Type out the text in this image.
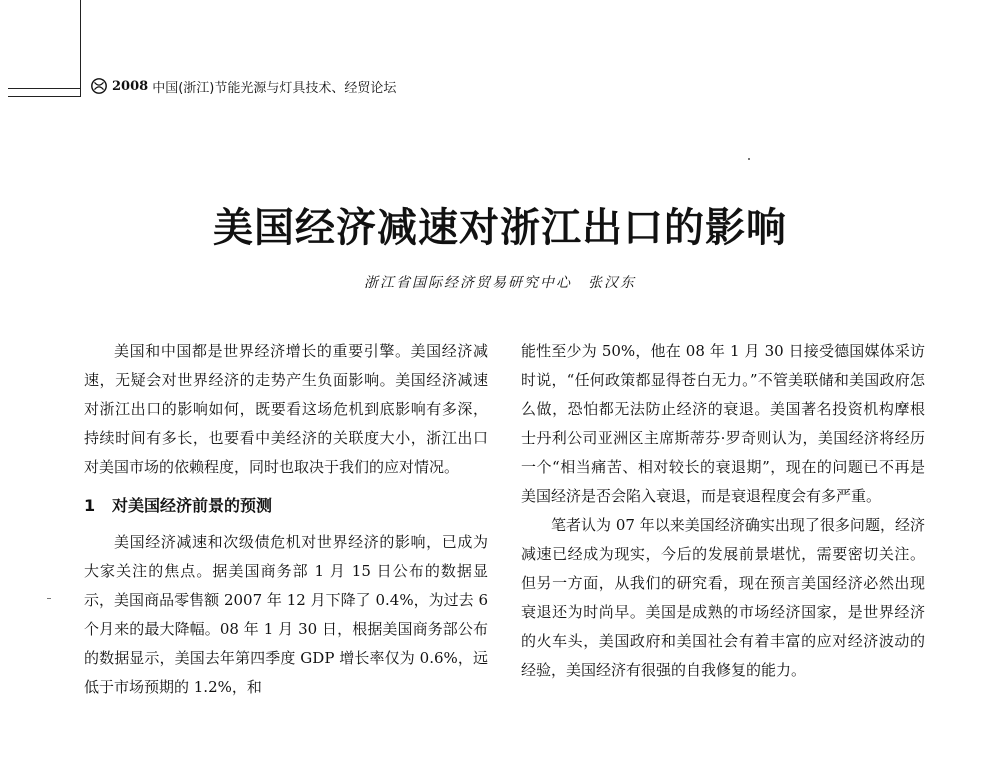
2008 中国(浙江)节能光源与灯具技术、经贸论坛
美国经济减速对浙江出口的影响
浙江省国际经济贸易研究中心 张汉东

美国和中国都是世界经济增长的重要引擎。美国经济减速，无疑会对世界经济的走势产生负面影响。美国经济减速对浙江出口的影响如何，既要看这场危机到底影响有多深，持续时间有多长，也要看中美经济的关联度大小，浙江出口对美国市场的依赖程度，同时也取决于我们的应对情况。

1 对美国经济前景的预测

美国经济减速和次级债危机对世界经济的影响，已成为大家关注的焦点。据美国商务部 1 月 15 日公布的数据显示，美国商品零售额 2007 年 12 月下降了 0.4%，为过去 6 个月来的最大降幅。08 年 1 月 30 日，根据美国商务部公布的数据显示，美国去年第四季度 GDP 增长率仅为 0.6%，远低于市场预期的 1.2%，和

能性至少为 50%，他在 08 年 1 月 30 日接受德国媒体采访时说，“任何政策都显得苍白无力。”不管美联储和美国政府怎么做，恐怕都无法防止经济的衰退。美国著名投资机构摩根士丹利公司亚洲区主席斯蒂芬·罗奇则认为，美国经济将经历一个“相当痛苦、相对较长的衰退期”，现在的问题已不再是美国经济是否会陷入衰退，而是衰退程度会有多严重。

笔者认为 07 年以来美国经济确实出现了很多问题，经济减速已经成为现实，今后的发展前景堪忧，需要密切关注。但另一方面，从我们的研究看，现在预言美国经济必然出现衰退还为时尚早。美国是成熟的市场经济国家，是世界经济的火车头，美国政府和美国社会有着丰富的应对经济波动的经验，美国经济有很强的自我修复的能力。
